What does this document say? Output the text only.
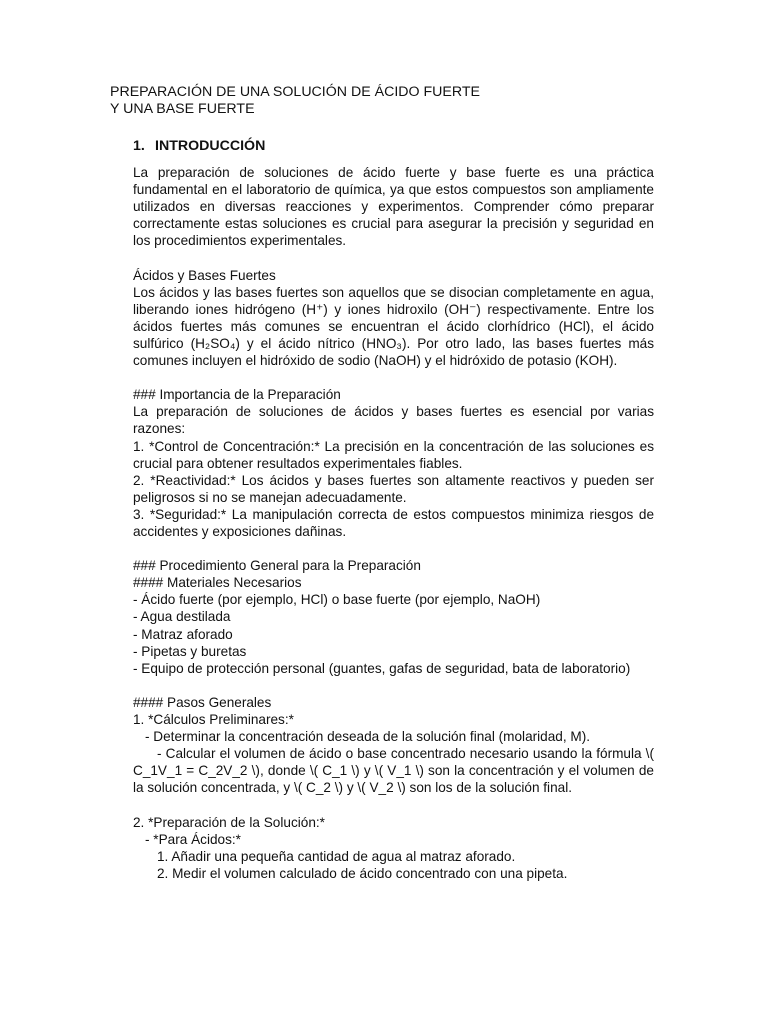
PREPARACIÓN DE UNA SOLUCIÓN DE ÁCIDO FUERTE
Y UNA BASE FUERTE
1. INTRODUCCIÓN
La preparación de soluciones de ácido fuerte y base fuerte es una práctica fundamental en el laboratorio de química, ya que estos compuestos son ampliamente utilizados en diversas reacciones y experimentos. Comprender cómo preparar correctamente estas soluciones es crucial para asegurar la precisión y seguridad en los procedimientos experimentales.
Ácidos y Bases Fuertes
Los ácidos y las bases fuertes son aquellos que se disocian completamente en agua, liberando iones hidrógeno (H⁺) y iones hidroxilo (OH⁻) respectivamente. Entre los ácidos fuertes más comunes se encuentran el ácido clorhídrico (HCl), el ácido sulfúrico (H₂SO₄) y el ácido nítrico (HNO₃). Por otro lado, las bases fuertes más comunes incluyen el hidróxido de sodio (NaOH) y el hidróxido de potasio (KOH).
### Importancia de la Preparación
La preparación de soluciones de ácidos y bases fuertes es esencial por varias razones:
1. *Control de Concentración:* La precisión en la concentración de las soluciones es crucial para obtener resultados experimentales fiables.
2. *Reactividad:* Los ácidos y bases fuertes son altamente reactivos y pueden ser peligrosos si no se manejan adecuadamente.
3. *Seguridad:* La manipulación correcta de estos compuestos minimiza riesgos de accidentes y exposiciones dañinas.
### Procedimiento General para la Preparación
#### Materiales Necesarios
- Ácido fuerte (por ejemplo, HCl) o base fuerte (por ejemplo, NaOH)
- Agua destilada
- Matraz aforado
- Pipetas y buretas
- Equipo de protección personal (guantes, gafas de seguridad, bata de laboratorio)
#### Pasos Generales
1. *Cálculos Preliminares:*
- Determinar la concentración deseada de la solución final (molaridad, M).
- Calcular el volumen de ácido o base concentrado necesario usando la fórmula \( C_1V_1 = C_2V_2 \), donde \( C_1 \) y \( V_1 \) son la concentración y el volumen de la solución concentrada, y \( C_2 \) y \( V_2 \) son los de la solución final.
2. *Preparación de la Solución:*
- *Para Ácidos:*
1. Añadir una pequeña cantidad de agua al matraz aforado.
2. Medir el volumen calculado de ácido concentrado con una pipeta.
